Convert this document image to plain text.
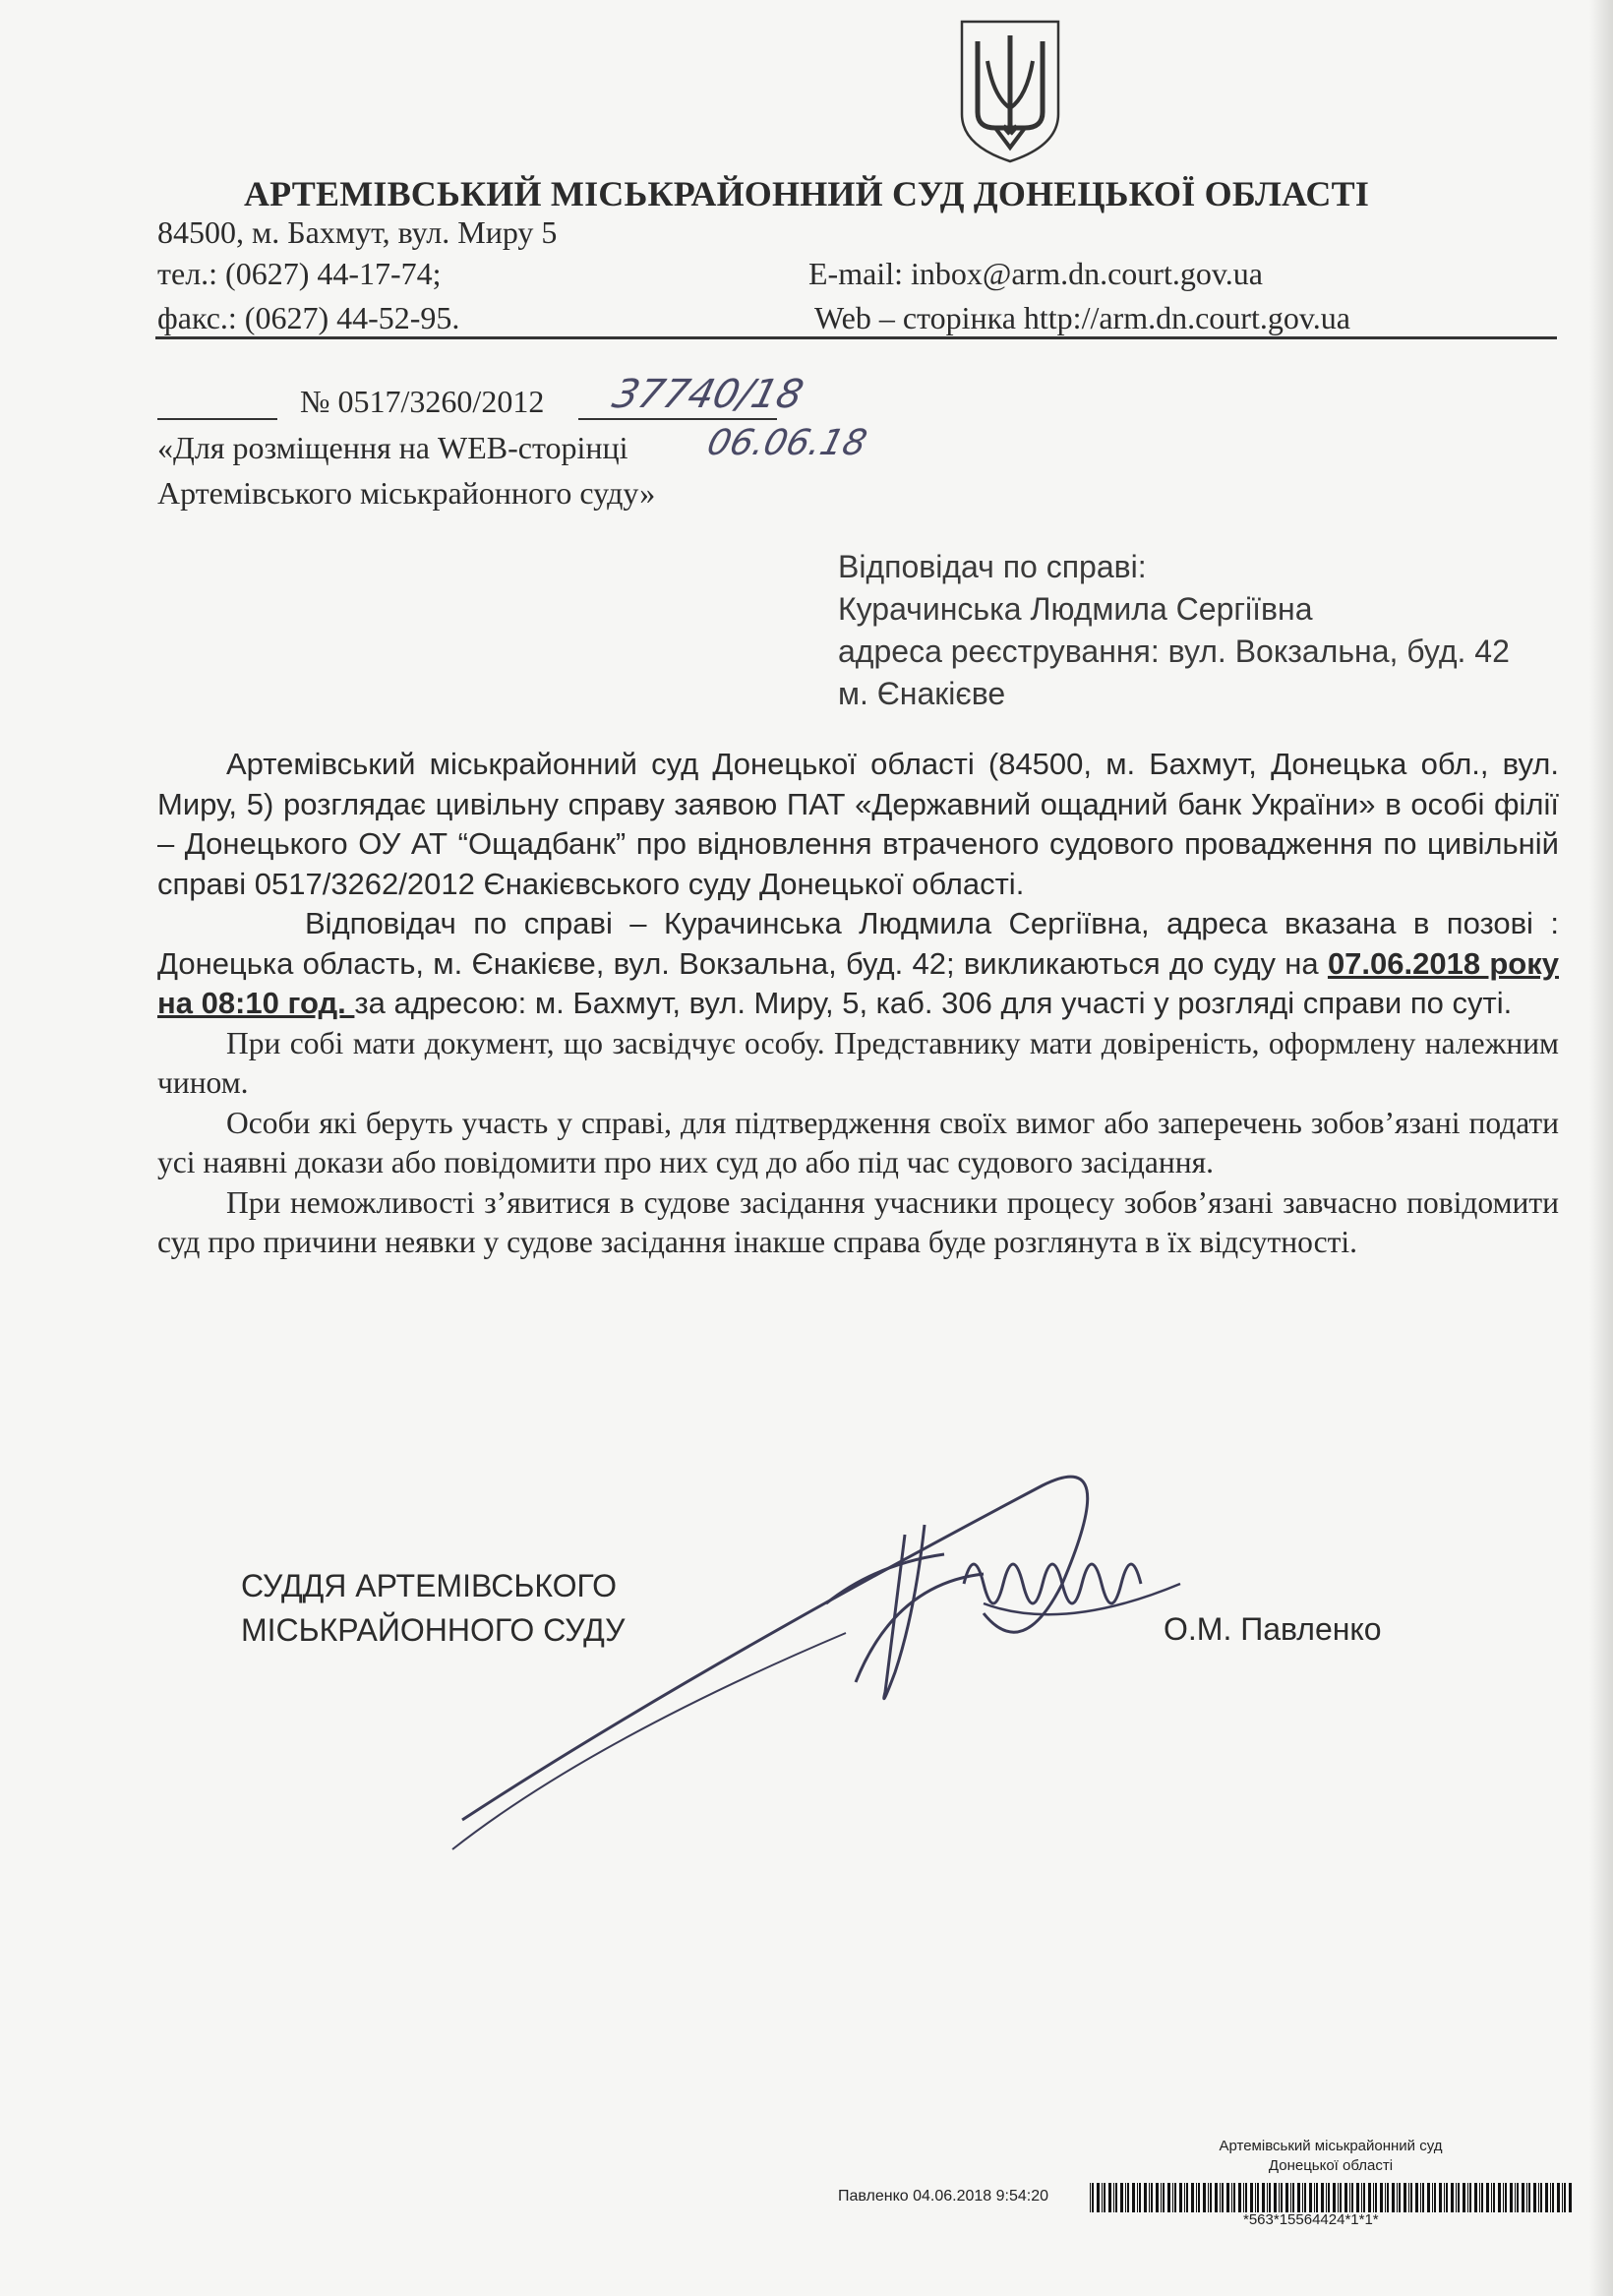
АРТЕМІВСЬКИЙ МІСЬКРАЙОННИЙ СУД ДОНЕЦЬКОЇ ОБЛАСТІ
84500, м. Бахмут, вул. Миру 5
тел.: (0627) 44-17-74;
факс.: (0627) 44-52-95.
E-mail: inbox@arm.dn.court.gov.ua
Web – сторінка http://arm.dn.court.gov.ua
№ 0517/3260/2012 37740/18
06.06.18
«Для розміщення на WEB-сторінці
Артемівського міськрайонного суду»
Відповідач по справі:
Курачинська Людмила Сергіївна
адреса реєстрування: вул. Вокзальна, буд. 42
м. Єнакієве

Артемівський міськрайонний суд Донецької області (84500, м. Бахмут, Донецька обл., вул. Миру, 5) розглядає цивільну справу заявою ПАТ «Державний ощадний банк України» в особі філії – Донецького ОУ АТ “Ощадбанк” про відновлення втраченого судового провадження по цивільній справі 0517/3262/2012 Єнакієвського суду Донецької області.

Відповідач по справі – Курачинська Людмила Сергіївна, адреса вказана в позові : Донецька область, м. Єнакієве, вул. Вокзальна, буд. 42; викликаються до суду на 07.06.2018 року на 08:10 год. за адресою: м. Бахмут, вул. Миру, 5, каб. 306 для участі у розгляді справи по суті.

При собі мати документ, що засвідчує особу. Представнику мати довіреність, оформлену належним чином.

Особи які беруть участь у справі, для підтвердження своїх вимог або заперечень зобов’язані подати усі наявні докази або повідомити про них суд до або під час судового засідання.

При неможливості з’явитися в судове засідання учасники процесу зобов’язані завчасно повідомити суд про причини неявки у судове засідання інакше справа буде розглянута в їх відсутності.

СУДДЯ АРТЕМІВСЬКОГО
МІСЬКРАЙОННОГО СУДУ	О.М. Павленко
Артемівський міськрайонний суд
Донецької області
Павленко 04.06.2018 9:54:20
*563*15564424*1*1*
